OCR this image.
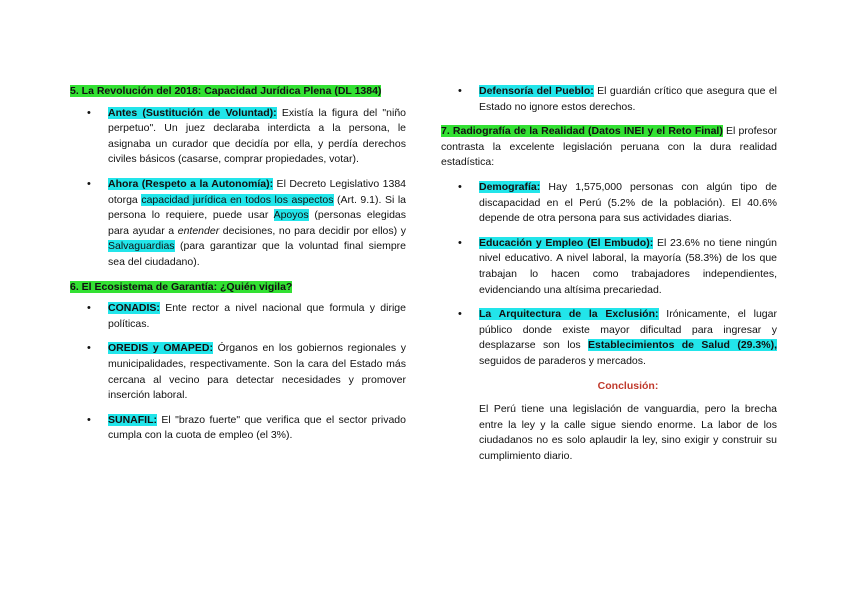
5. La Revolución del 2018: Capacidad Jurídica Plena (DL 1384)
• Antes (Sustitución de Voluntad): Existía la figura del "niño perpetuo". Un juez declaraba interdicta a la persona, le asignaba un curador que decidía por ella, y perdía derechos civiles básicos (casarse, comprar propiedades, votar).
• Ahora (Respeto a la Autonomía): El Decreto Legislativo 1384 otorga capacidad jurídica en todos los aspectos (Art. 9.1). Si la persona lo requiere, puede usar Apoyos (personas elegidas para ayudar a entender decisiones, no para decidir por ellos) y Salvaguardias (para garantizar que la voluntad final siempre sea del ciudadano).
6. El Ecosistema de Garantía: ¿Quién vigila?
• CONADIS: Ente rector a nivel nacional que formula y dirige políticas.
• OREDIS y OMAPED: Órganos en los gobiernos regionales y municipalidades, respectivamente. Son la cara del Estado más cercana al vecino para detectar necesidades y promover inserción laboral.
• SUNAFIL: El "brazo fuerte" que verifica que el sector privado cumpla con la cuota de empleo (el 3%).
• Defensoría del Pueblo: El guardián crítico que asegura que el Estado no ignore estos derechos.
7. Radiografía de la Realidad (Datos INEI y el Reto Final) El profesor contrasta la excelente legislación peruana con la dura realidad estadística:
• Demografía: Hay 1,575,000 personas con algún tipo de discapacidad en el Perú (5.2% de la población). El 40.6% depende de otra persona para sus actividades diarias.
• Educación y Empleo (El Embudo): El 23.6% no tiene ningún nivel educativo. A nivel laboral, la mayoría (58.3%) de los que trabajan lo hacen como trabajadores independientes, evidenciando una altísima precariedad.
• La Arquitectura de la Exclusión: Irónicamente, el lugar público donde existe mayor dificultad para ingresar y desplazarse son los Establecimientos de Salud (29.3%), seguidos de paraderos y mercados.
Conclusión:
El Perú tiene una legislación de vanguardia, pero la brecha entre la ley y la calle sigue siendo enorme. La labor de los ciudadanos no es solo aplaudir la ley, sino exigir y construir su cumplimiento diario.
